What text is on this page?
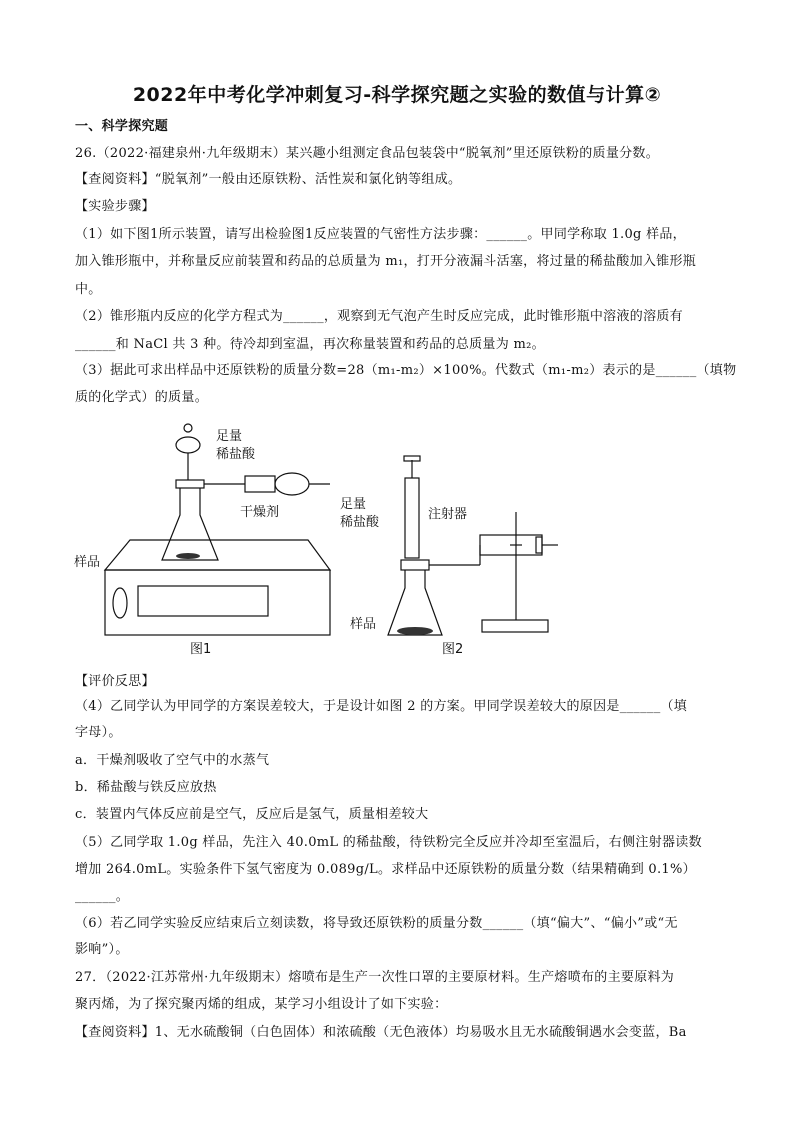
2022年中考化学冲刺复习-科学探究题之实验的数值与计算②
一、科学探究题
26.（2022·福建泉州·九年级期末）某兴趣小组测定食品包装袋中“脱氧剂”里还原铁粉的质量分数。
【查阅资料】“脱氧剂”一般由还原铁粉、活性炭和氯化钠等组成。
【实验步骤】
（1）如下图1所示装置，请写出检验图1反应装置的气密性方法步骤：______。甲同学称取 1.0g 样品，
加入锥形瓶中，并称量反应前装置和药品的总质量为 m₁，打开分液漏斗活塞，将过量的稀盐酸加入锥形瓶
中。
（2）锥形瓶内反应的化学方程式为______，观察到无气泡产生时反应完成，此时锥形瓶中溶液的溶质有
______和 NaCl 共 3 种。待冷却到室温，再次称量装置和药品的总质量为 m₂。
（3）据此可求出样品中还原铁粉的质量分数=28（m₁-m₂）×100%。代数式（m₁-m₂）表示的是______（填物
质的化学式）的质量。
足量
稀盐酸
干燥剂
样品
图1
足量
稀盐酸
注射器
样品
图2
【评价反思】
（4）乙同学认为甲同学的方案误差较大，于是设计如图 2 的方案。甲同学误差较大的原因是______（填
字母）。
a．干燥剂吸收了空气中的水蒸气
b．稀盐酸与铁反应放热
c．装置内气体反应前是空气，反应后是氢气，质量相差较大
（5）乙同学取 1.0g 样品，先注入 40.0mL 的稀盐酸，待铁粉完全反应并冷却至室温后，右侧注射器读数
增加 264.0mL。实验条件下氢气密度为 0.089g/L。求样品中还原铁粉的质量分数（结果精确到 0.1%）
______。
（6）若乙同学实验反应结束后立刻读数，将导致还原铁粉的质量分数______（填“偏大”、“偏小”或“无
影响”）。
27．（2022·江苏常州·九年级期末）熔喷布是生产一次性口罩的主要原材料。生产熔喷布的主要原料为
聚丙烯，为了探究聚丙烯的组成，某学习小组设计了如下实验：
【查阅资料】1、无水硫酸铜（白色固体）和浓硫酸（无色液体）均易吸水且无水硫酸铜遇水会变蓝，Ba
